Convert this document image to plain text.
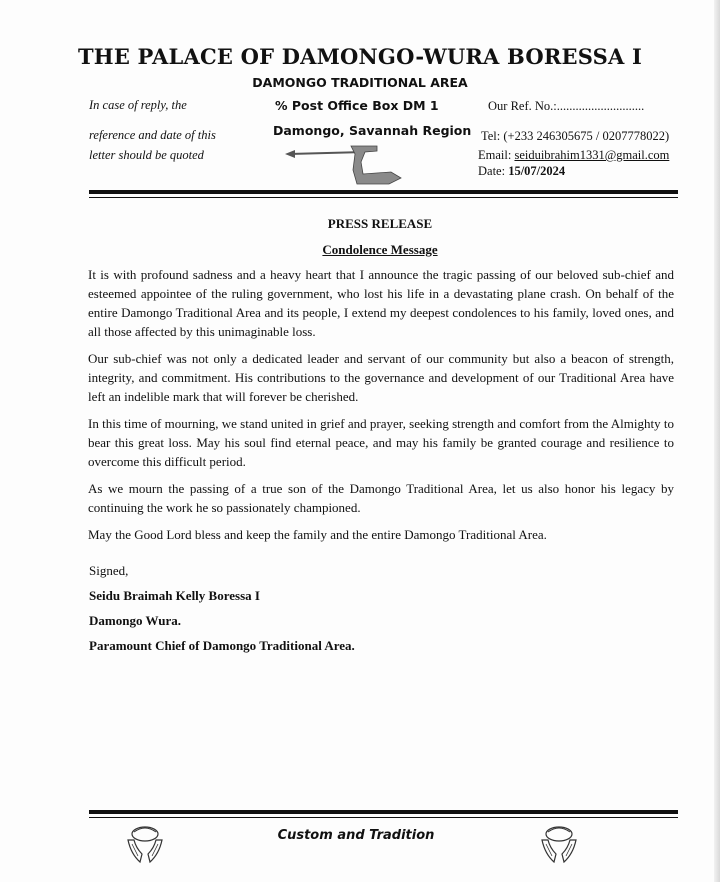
THE PALACE OF DAMONGO-WURA BORESSA I
DAMONGO TRADITIONAL AREA
In case of reply, the
reference and date of this
letter should be quoted
% Post Office Box DM 1
Damongo, Savannah Region
Our Ref. No.:............................
Tel: (+233 246305675 / 0207778022)
Email: seiduibrahim1331@gmail.com
Date: 15/07/2024
PRESS RELEASE
Condolence Message

It is with profound sadness and a heavy heart that I announce the tragic passing of our beloved sub-chief and esteemed appointee of the ruling government, who lost his life in a devastating plane crash. On behalf of the entire Damongo Traditional Area and its people, I extend my deepest condolences to his family, loved ones, and all those affected by this unimaginable loss.

Our sub-chief was not only a dedicated leader and servant of our community but also a beacon of strength, integrity, and commitment. His contributions to the governance and development of our Traditional Area have left an indelible mark that will forever be cherished.

In this time of mourning, we stand united in grief and prayer, seeking strength and comfort from the Almighty to bear this great loss. May his soul find eternal peace, and may his family be granted courage and resilience to overcome this difficult period.

As we mourn the passing of a true son of the Damongo Traditional Area, let us also honor his legacy by continuing the work he so passionately championed.

May the Good Lord bless and keep the family and the entire Damongo Traditional Area.

Signed,
Seidu Braimah Kelly Boressa I
Damongo Wura.
Paramount Chief of Damongo Traditional Area.
Custom and Tradition
